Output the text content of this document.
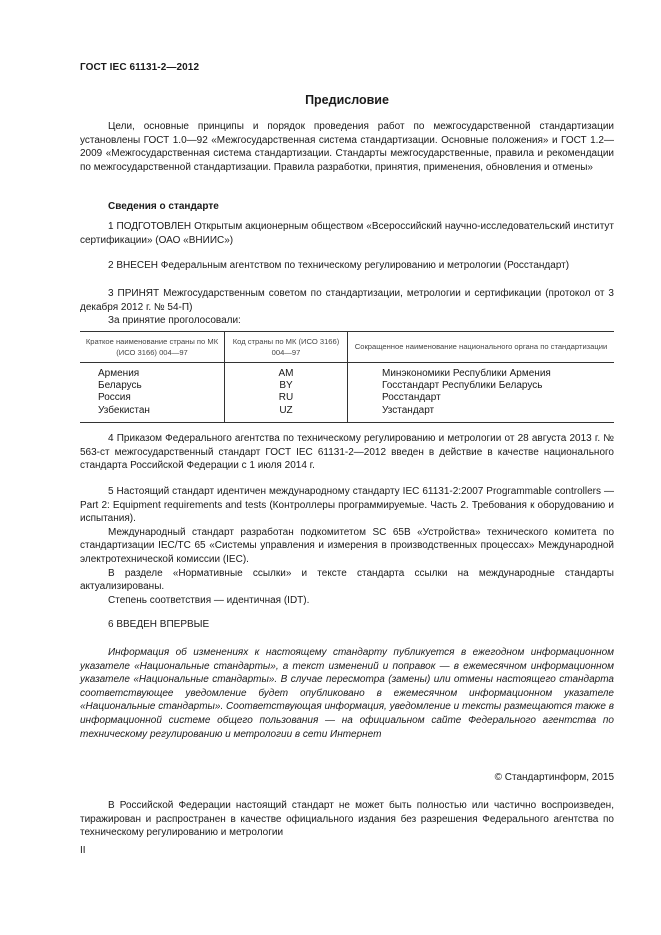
ГОСТ IEC 61131-2—2012
Предисловие

Цели, основные принципы и порядок проведения работ по межгосударственной стандартизации установлены ГОСТ 1.0—92 «Межгосударственная система стандартизации. Основные положения» и ГОСТ 1.2—2009 «Межгосударственная система стандартизации. Стандарты межгосударственные, правила и рекомендации по межгосударственной стандартизации. Правила разработки, принятия, применения, обновления и отмены»

Сведения о стандарте

1 ПОДГОТОВЛЕН Открытым акционерным обществом «Всероссийский научно-исследовательский институт сертификации» (ОАО «ВНИИС»)

2 ВНЕСЕН Федеральным агентством по техническому регулированию и метрологии (Росстандарт)

3 ПРИНЯТ Межгосударственным советом по стандартизации, метрологии и сертификации (протокол от 3 декабря 2012 г. № 54-П)

За принятие проголосовали:

Краткое наименование страны по МК (ИСО 3166) 004—97	Код страны по МК (ИСО 3166) 004—97	Сокращенное наименование национального органа по стандартизации
Армения	AM	Минэкономики Республики Армения
Беларусь	BY	Госстандарт Республики Беларусь
Россия	RU	Росстандарт
Узбекистан	UZ	Узстандарт

4 Приказом Федерального агентства по техническому регулированию и метрологии от 28 августа 2013 г. № 563-ст межгосударственный стандарт ГОСТ IEC 61131-2—2012 введен в действие в качестве национального стандарта Российской Федерации с 1 июля 2014 г.

5 Настоящий стандарт идентичен международному стандарту IEC 61131-2:2007 Programmable controllers — Part 2: Equipment requirements and tests (Контроллеры программируемые. Часть 2. Требования к оборудованию и испытания).

Международный стандарт разработан подкомитетом SC 65B «Устройства» технического комитета по стандартизации IEC/TC 65 «Системы управления и измерения в производственных процессах» Международной электротехнической комиссии (IEC).

В разделе «Нормативные ссылки» и тексте стандарта ссылки на международные стандарты актуализированы.

Степень соответствия — идентичная (IDT).

6 ВВЕДЕН ВПЕРВЫЕ

Информация об изменениях к настоящему стандарту публикуется в ежегодном информационном указателе «Национальные стандарты», а текст изменений и поправок — в ежемесячном информационном указателе «Национальные стандарты». В случае пересмотра (замены) или отмены настоящего стандарта соответствующее уведомление будет опубликовано в ежемесячном информационном указателе «Национальные стандарты». Соответствующая информация, уведомление и тексты размещаются также в информационной системе общего пользования — на официальном сайте Федерального агентства по техническому регулированию и метрологии в сети Интернет

© Стандартинформ, 2015

В Российской Федерации настоящий стандарт не может быть полностью или частично воспроизведен, тиражирован и распространен в качестве официального издания без разрешения Федерального агентства по техническому регулированию и метрологии

II
